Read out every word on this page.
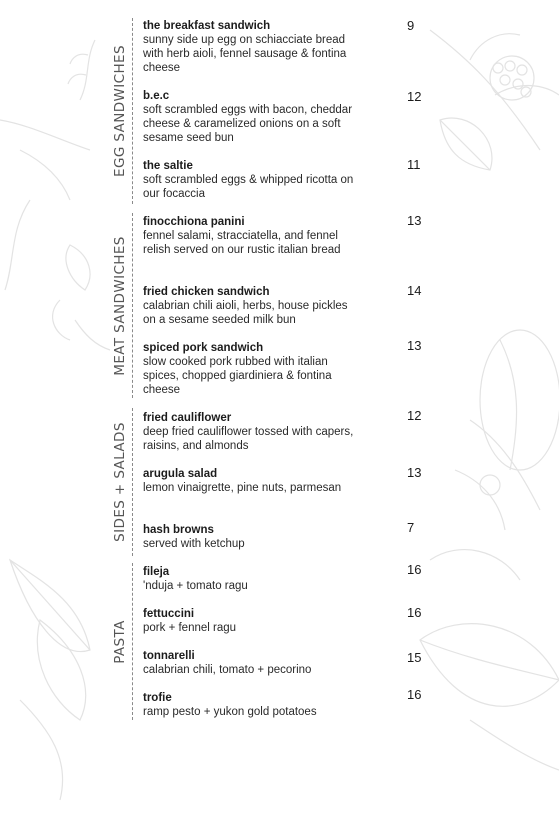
EGG SANDWICHES
the breakfast sandwich
sunny side up egg on schiacciate bread with herb aioli, fennel sausage & fontina cheese
9
b.e.c
soft scrambled eggs with bacon, cheddar cheese & caramelized onions on a soft sesame seed bun
12
the saltie
soft scrambled eggs & whipped ricotta on our focaccia
11
MEAT SANDWICHES
finocchiona panini
fennel salami, stracciatella, and fennel relish served on our rustic italian bread
13
fried chicken sandwich
calabrian chili aioli, herbs, house pickles on a sesame seeded milk bun
14
spiced pork sandwich
slow cooked pork rubbed with italian spices, chopped giardiniera & fontina cheese
13
SIDES + SALADS
fried cauliflower
deep fried cauliflower tossed with capers, raisins, and almonds
12
arugula salad
lemon vinaigrette, pine nuts, parmesan
13
hash browns
served with ketchup
7
PASTA
fileja
'nduja + tomato ragu
16
fettuccini
pork + fennel ragu
16
tonnarelli
calabrian chili, tomato + pecorino
15
trofie
ramp pesto + yukon gold potatoes
16
